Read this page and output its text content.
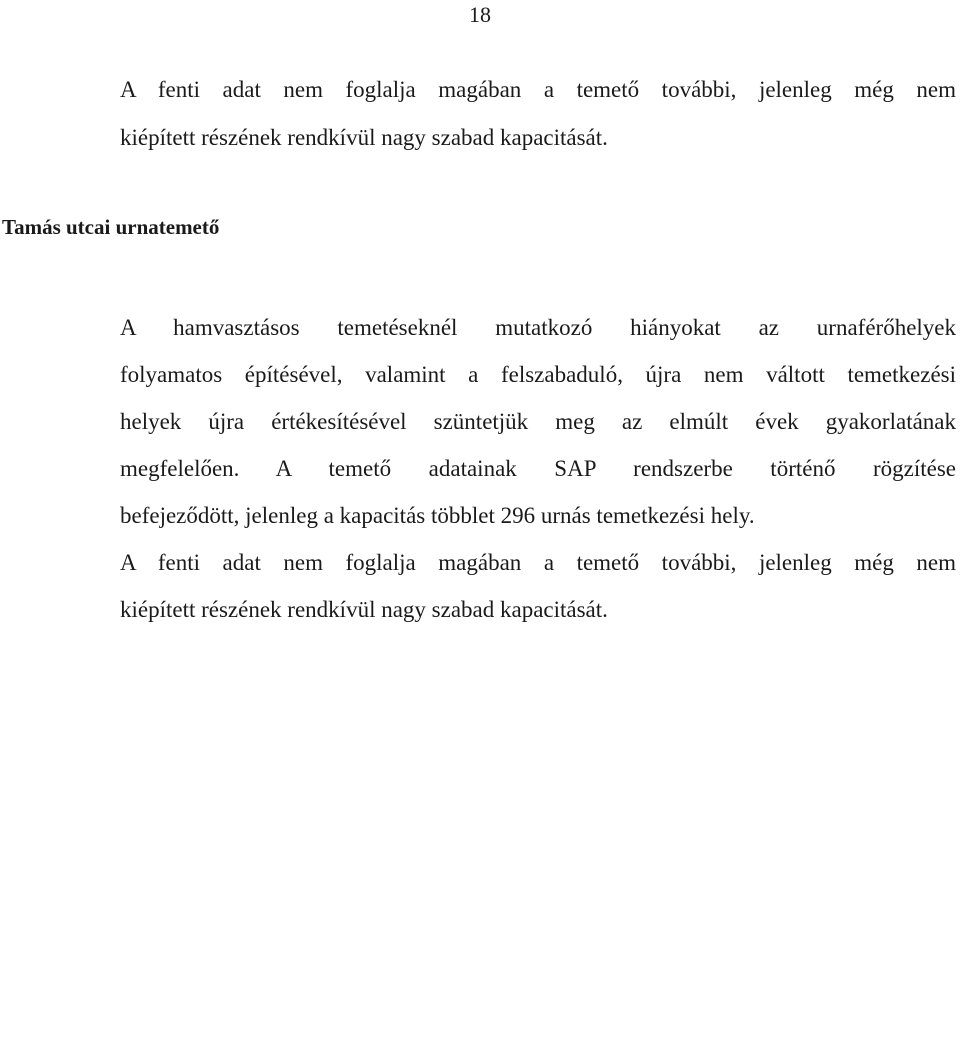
18
A fenti adat nem foglalja magában a temető további, jelenleg még nem
kiépített részének rendkívül nagy szabad kapacitását.
Tamás utcai urnatemető
A hamvasztásos temetéseknél mutatkozó hiányokat az urnaférőhelyek
folyamatos építésével, valamint a felszabaduló, újra nem váltott temetkezési
helyek újra értékesítésével szüntetjük meg az elmúlt évek gyakorlatának
megfelelően. A temető adatainak SAP rendszerbe történő rögzítése
befejeződött, jelenleg a kapacitás többlet 296 urnás temetkezési hely.
A fenti adat nem foglalja magában a temető további, jelenleg még nem
kiépített részének rendkívül nagy szabad kapacitását.
